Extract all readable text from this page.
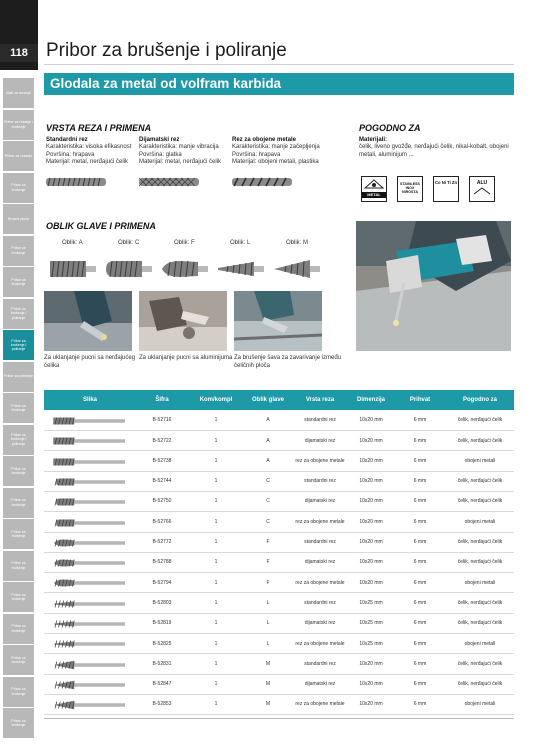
118
Alati za rezanje
Pribor za rezanje i brušenje
Pribor za rezanje
Pribor za brušenje
Brusne ploče
Pribor za brušenje
Pribor za brušenje
Pribor za brušenje i poliranje
Pribor za brušenje i poliranje
Pribor za poliranje
Pribor za brušenje
Pribor za brušenje i poliranje
Pribor za brušenje
Pribor za brušenje
Pribor za brušenje
Pribor za brušenje
Pribor za brušenje
Pribor za brušenje
Pribor za brušenje
Pribor za brušenje
Pribor za brušenje
Pribor za brušenje i poliranje
Glodala za metal od volfram karbida
VRSTA REZA I PRIMENA
Standardni rez
Karakteristika: visoka efikasnost
Površina: hrapava
Materijal: metal, nerđajući čelik
Dijamatski rez
Karakteristika: manje vibracija
Površina: glatka
Materijal: metal, nerđajući čelik
Rez za obojene metale
Karakteristika: manje začepljenja
Površina: hrapava
Materijal: obojeni metali, plastika
POGODNO ZA
Materijali:
čelik, liveno gvožđe, nerđajući čelik, nikal-kobalt, obojeni metali, aluminijum ...
METAL
STAINLESS INOX NIROSTA
Co Ni Ti Zn	ALU
OBLIK GLAVE I PRIMENA
Oblik: A	Oblik: C	Oblik: F	Oblik: L	Oblik: M
Za uklanjanje pucni sa nerđajućeg čelika
Za uklanjanje pucni sa aluminijuma Za brušenje šava za zavarivanje između čeličnih ploča
Slika	Šifra	Kom/kompl	Oblik glave	Vrsta reza	Dimenzija	Prihvat	Pogodno za
B-52716	1	A	standardni rez	10x20 mm	6 mm	čelik, nerđajući čelik
B-52722	1	A	dijamatski rez	10x20 mm	6 mm	čelik, nerđajući čelik
B-52738	1	A	rez za obojene metale	10x20 mm	6 mm	obojeni metali
B-52744	1	C	standardni rez	10x20 mm	6 mm	čelik, nerđajući čelik
B-52750	1	C	dijamatski rez	10x20 mm	6 mm	čelik, nerđajući čelik
B-52766	1	C	rez za obojene metale	10x20 mm	6 mm	obojeni metali
B-52772	1	F	standardni rez	10x20 mm	6 mm	čelik, nerđajući čelik
B-52788	1	F	dijamatski rez	10x20 mm	6 mm	čelik, nerđajući čelik
B-52794	1	F	rez za obojene metale	10x20 mm	6 mm	obojeni metali
B-52803	1	L	standardni rez	10x25 mm	6 mm	čelik, nerđajući čelik
B-52819	1	L	dijamatski rez	10x25 mm	6 mm	čelik, nerđajući čelik
B-52825	1	L	rez za obojene metale	10x25 mm	6 mm	obojeni metali
B-52831	1	M	standardni rez	10x20 mm	6 mm	čelik, nerđajući čelik
B-52847	1	M	dijamatski rez	10x20 mm	6 mm	čelik, nerđajući čelik
B-52853	1	M	rez za obojene metale	10x20 mm	6 mm	obojeni metali
